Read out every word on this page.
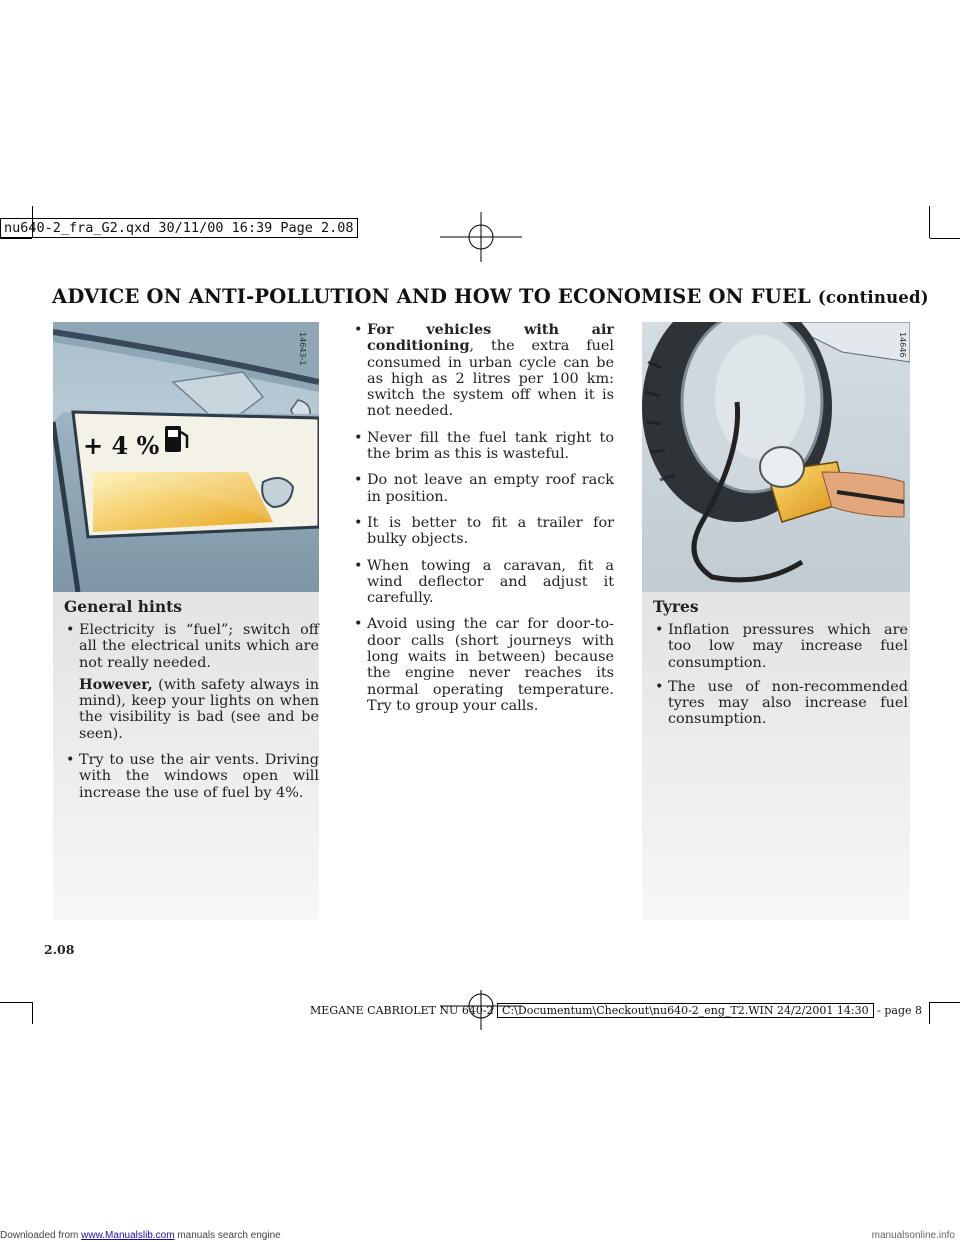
nu640-2_fra_G2.qxd 30/11/00 16:39 Page 2.08
ADVICE ON ANTI-POLLUTION AND HOW TO ECONOMISE ON FUEL (continued)
+ 4 %
14643-1	14646
General hints
• Electricity is “fuel”; switch off all the electrical units which are not really needed.

However, (with safety always in mind), keep your lights on when the visibility is bad (see and be seen).

• Try to use the air vents. Driving with the windows open will increase the use of fuel by 4%.
• For vehicles with air conditioning, the extra fuel consumed in urban cycle can be as high as 2 litres per 100 km: switch the system off when it is not needed.
• Never fill the fuel tank right to the brim as this is wasteful.
• Do not leave an empty roof rack in position.
• It is better to fit a trailer for bulky objects.
• When towing a caravan, fit a wind deflector and adjust it carefully.
• Avoid using the car for door-to-door calls (short journeys with long waits in between) because the engine never reaches its normal operating temperature. Try to group your calls.
Tyres
• Inflation pressures which are too low may increase fuel consumption.
• The use of non-recommended tyres may also increase fuel consumption.
2.08
MEGANE CABRIOLET NU 640-2 C:\Documentum\Checkout\nu640-2_eng_T2.WIN 24/2/2001 14:30 - page 8
Downloaded from www.Manualslib.com manuals search engine	manualsonline.info
